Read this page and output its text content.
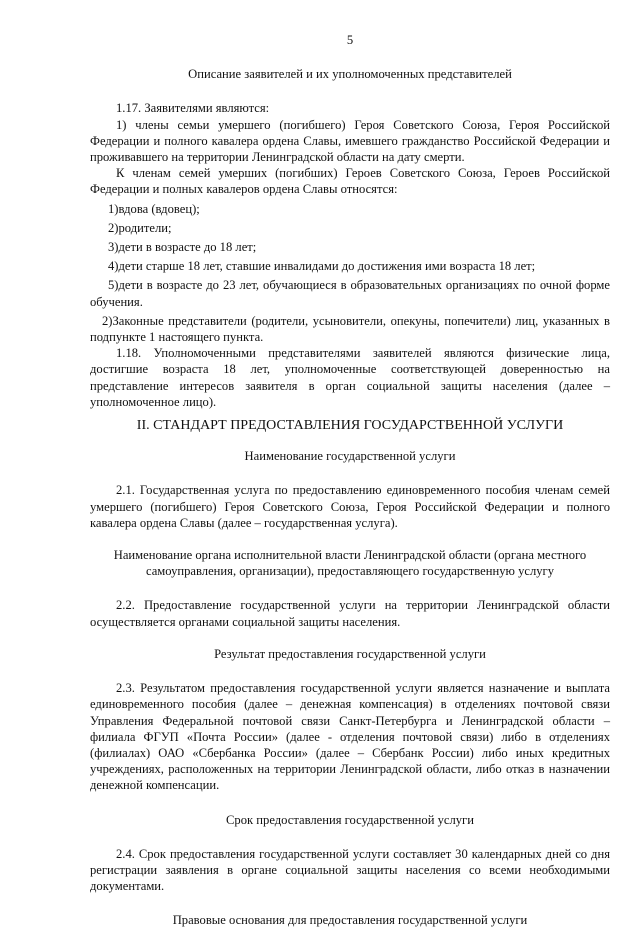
5

Описание заявителей и их уполномоченных представителей

1.17. Заявителями являются:

1) члены семьи умершего (погибшего) Героя Советского Союза, Героя Российской Федерации и полного кавалера ордена Славы, имевшего гражданство Российской Федерации и проживавшего на территории Ленинградской области на дату смерти.

К членам семей умерших (погибших) Героев Советского Союза, Героев Российской Федерации и полных кавалеров ордена Славы относятся:

1)вдова (вдовец);

2)родители;

3)дети в возрасте до 18 лет;

4)дети старше 18 лет, ставшие инвалидами до достижения ими возраста 18 лет;

5)дети в возрасте до 23 лет, обучающиеся в образовательных организациях по очной форме обучения.

2)Законные представители (родители, усыновители, опекуны, попечители) лиц, указанных в подпункте 1 настоящего пункта.

1.18. Уполномоченными представителями заявителей являются физические лица, достигшие возраста 18 лет, уполномоченные соответствующей доверенностью на представление интересов заявителя в орган социальной защиты населения (далее – уполномоченное лицо).

II. СТАНДАРТ ПРЕДОСТАВЛЕНИЯ ГОСУДАРСТВЕННОЙ УСЛУГИ

Наименование государственной услуги

2.1. Государственная услуга по предоставлению единовременного пособия членам семей умершего (погибшего) Героя Советского Союза, Героя Российской Федерации и полного кавалера ордена Славы (далее – государственная услуга).

Наименование органа исполнительной власти Ленинградской области (органа местного самоуправления, организации), предоставляющего государственную услугу

2.2. Предоставление государственной услуги на территории Ленинградской области осуществляется органами социальной защиты населения.

Результат предоставления государственной услуги

2.3. Результатом предоставления государственной услуги является назначение и выплата единовременного пособия (далее – денежная компенсация) в отделениях почтовой связи Управления Федеральной почтовой связи Санкт-Петербурга и Ленинградской области – филиала ФГУП «Почта России» (далее - отделения почтовой связи) либо в отделениях (филиалах) ОАО «Сбербанка России» (далее – Сбербанк России) либо иных кредитных учреждениях, расположенных на территории Ленинградской области, либо отказ в назначении денежной компенсации.

Срок предоставления государственной услуги

2.4. Срок предоставления государственной услуги составляет 30 календарных дней со дня регистрации заявления в органе социальной защиты населения со всеми необходимыми документами.

Правовые основания для предоставления государственной услуги
